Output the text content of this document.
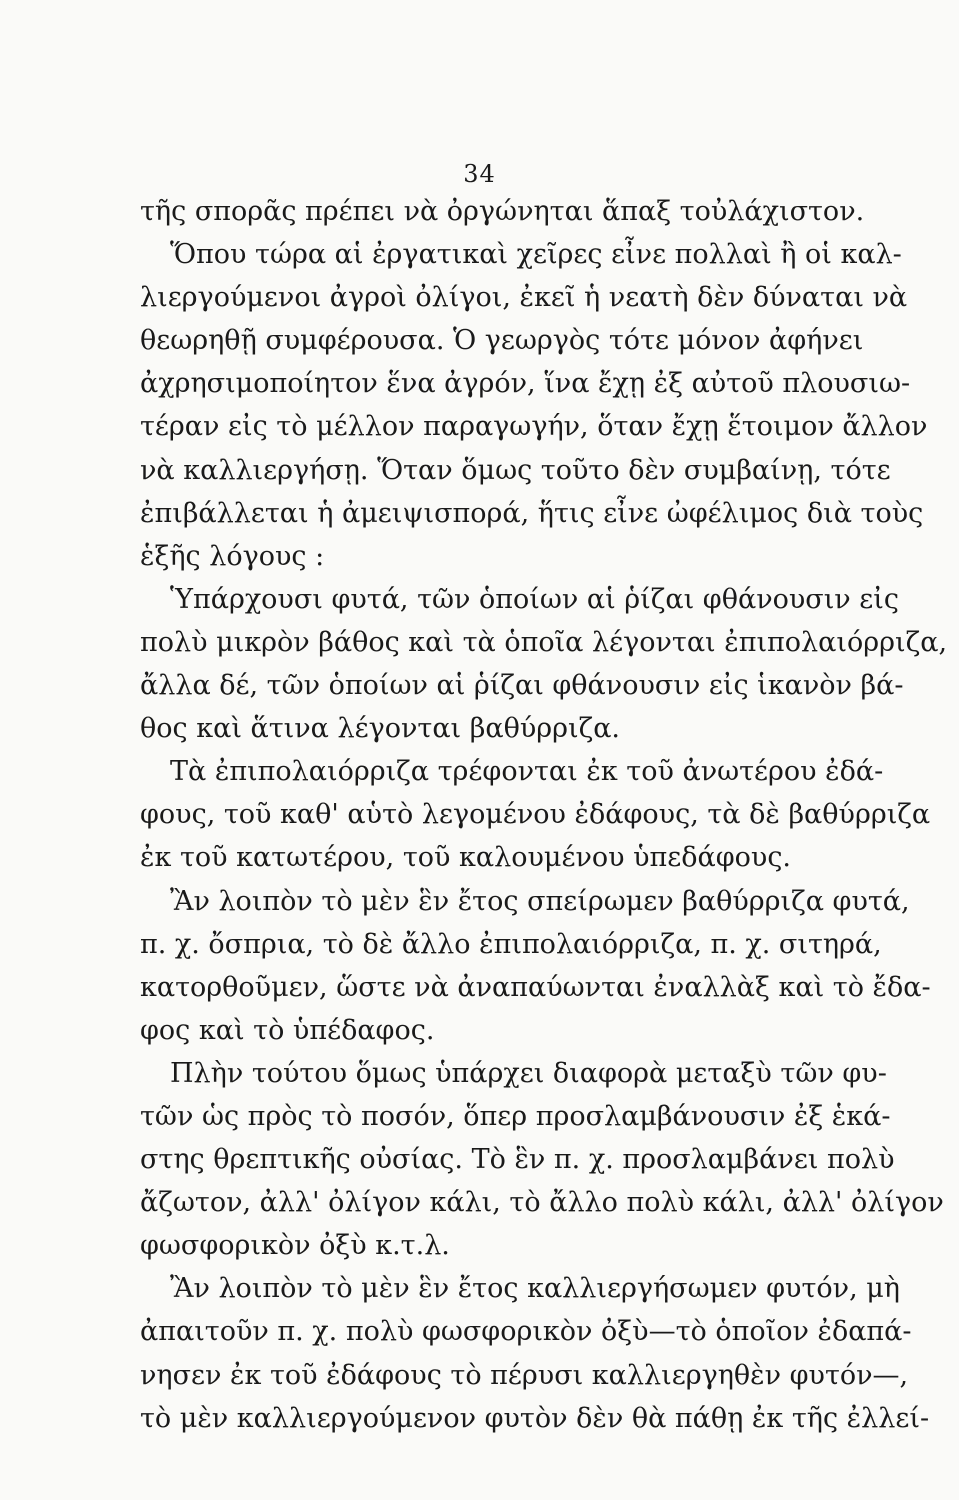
34
τῆς σπορᾶς πρέπει νὰ ὀργώνηται ἅπαξ τοὐλάχιστον.
Ὅπου τώρα αἱ ἐργατικαὶ χεῖρες εἶνε πολλαὶ ἢ οἱ καλ-
λιεργούμενοι ἀγροὶ ὀλίγοι, ἐκεῖ ἡ νεατὴ δὲν δύναται νὰ
θεωρηθῇ συμφέρουσα. Ὁ γεωργὸς τότε μόνον ἀφήνει
ἀχρησιμοποίητον ἕνα ἀγρόν, ἵνα ἔχῃ ἐξ αὐτοῦ πλουσιω-
τέραν εἰς τὸ μέλλον παραγωγήν, ὅταν ἔχῃ ἕτοιμον ἄλλον
νὰ καλλιεργήσῃ. Ὅταν ὅμως τοῦτο δὲν συμβαίνῃ, τότε
ἐπιβάλλεται ἡ ἀμειψισπορά, ἥτις εἶνε ὠφέλιμος διὰ τοὺς
ἑξῆς λόγους :
Ὑπάρχουσι φυτά, τῶν ὁποίων αἱ ῥίζαι φθάνουσιν εἰς
πολὺ μικρὸν βάθος καὶ τὰ ὁποῖα λέγονται ἐπιπολαιόρριζα,
ἄλλα δέ, τῶν ὁποίων αἱ ῥίζαι φθάνουσιν εἰς ἱκανὸν βά-
θος καὶ ἅτινα λέγονται βαθύρριζα.
Τὰ ἐπιπολαιόρριζα τρέφονται ἐκ τοῦ ἀνωτέρου ἐδά-
φους, τοῦ καθ' αὑτὸ λεγομένου ἐδάφους, τὰ δὲ βαθύρριζα
ἐκ τοῦ κατωτέρου, τοῦ καλουμένου ὑπεδάφους.
Ἂν λοιπὸν τὸ μὲν ἓν ἔτος σπείρωμεν βαθύρριζα φυτά,
π. χ. ὄσπρια, τὸ δὲ ἄλλο ἐπιπολαιόρριζα, π. χ. σιτηρά,
κατορθοῦμεν, ὥστε νὰ ἀναπαύωνται ἐναλλὰξ καὶ τὸ ἔδα-
φος καὶ τὸ ὑπέδαφος.
Πλὴν τούτου ὅμως ὑπάρχει διαφορὰ μεταξὺ τῶν φυ-
τῶν ὡς πρὸς τὸ ποσόν, ὅπερ προσλαμβάνουσιν ἐξ ἑκά-
στης θρεπτικῆς οὐσίας. Τὸ ἓν π. χ. προσλαμβάνει πολὺ
ἄζωτον, ἀλλ' ὀλίγον κάλι, τὸ ἄλλο πολὺ κάλι, ἀλλ' ὀλίγον
φωσφορικὸν ὀξὺ κ.τ.λ.
Ἂν λοιπὸν τὸ μὲν ἓν ἔτος καλλιεργήσωμεν φυτόν, μὴ
ἀπαιτοῦν π. χ. πολὺ φωσφορικὸν ὀξὺ—τὸ ὁποῖον ἐδαπά-
νησεν ἐκ τοῦ ἐδάφους τὸ πέρυσι καλλιεργηθὲν φυτόν—,
τὸ μὲν καλλιεργούμενον φυτὸν δὲν θὰ πάθῃ ἐκ τῆς ἐλλεί-
